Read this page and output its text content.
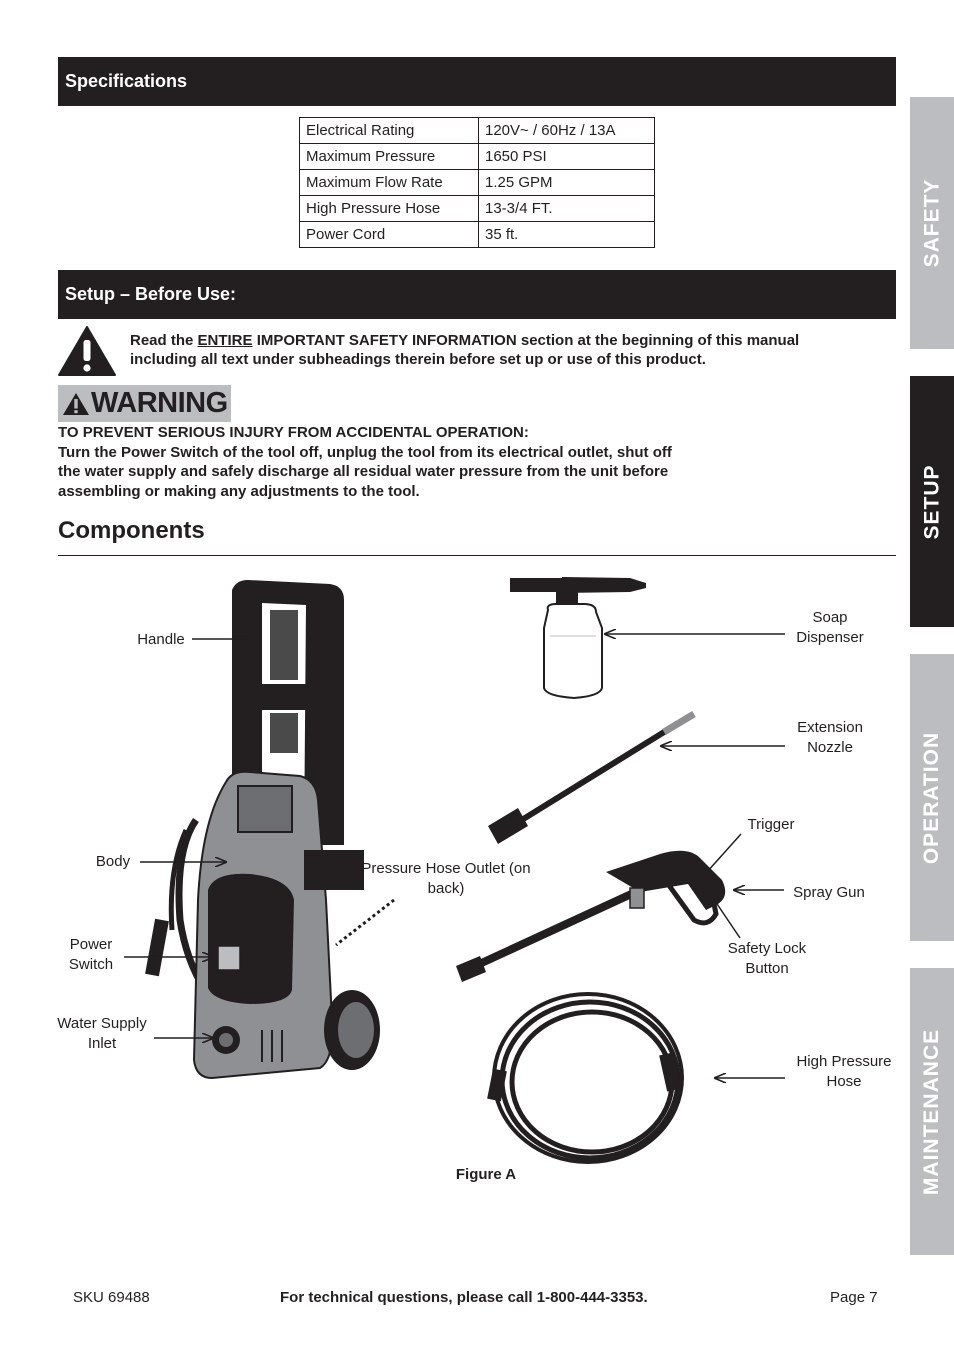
Specifications
Electrical Rating	120V~ / 60Hz / 13A
Maximum Pressure	1650 PSI
Maximum Flow Rate	1.25 GPM
High Pressure Hose	13-3/4 FT.
Power Cord	35 ft.
Setup – Before Use:
Read the ENTIRE IMPORTANT SAFETY INFORMATION section at the beginning of this manual including all text under subheadings therein before set up or use of this product.
WARNING
TO PREVENT SERIOUS INJURY FROM ACCIDENTAL OPERATION:
Turn the Power Switch of the tool off, unplug the tool from its electrical outlet, shut off the water supply and safely discharge all residual water pressure from the unit before assembling or making any adjustments to the tool.
Components
Handle
Body
Power Switch
Water Supply Inlet
Pressure Hose Outlet (on back)
Soap Dispenser
Extension Nozzle
Trigger
Spray Gun
Safety Lock Button
High Pressure Hose
Figure A
SAFETY
SETUP
OPERATION
MAINTENANCE
SKU 69488	For technical questions, please call 1-800-444-3353.	Page 7
